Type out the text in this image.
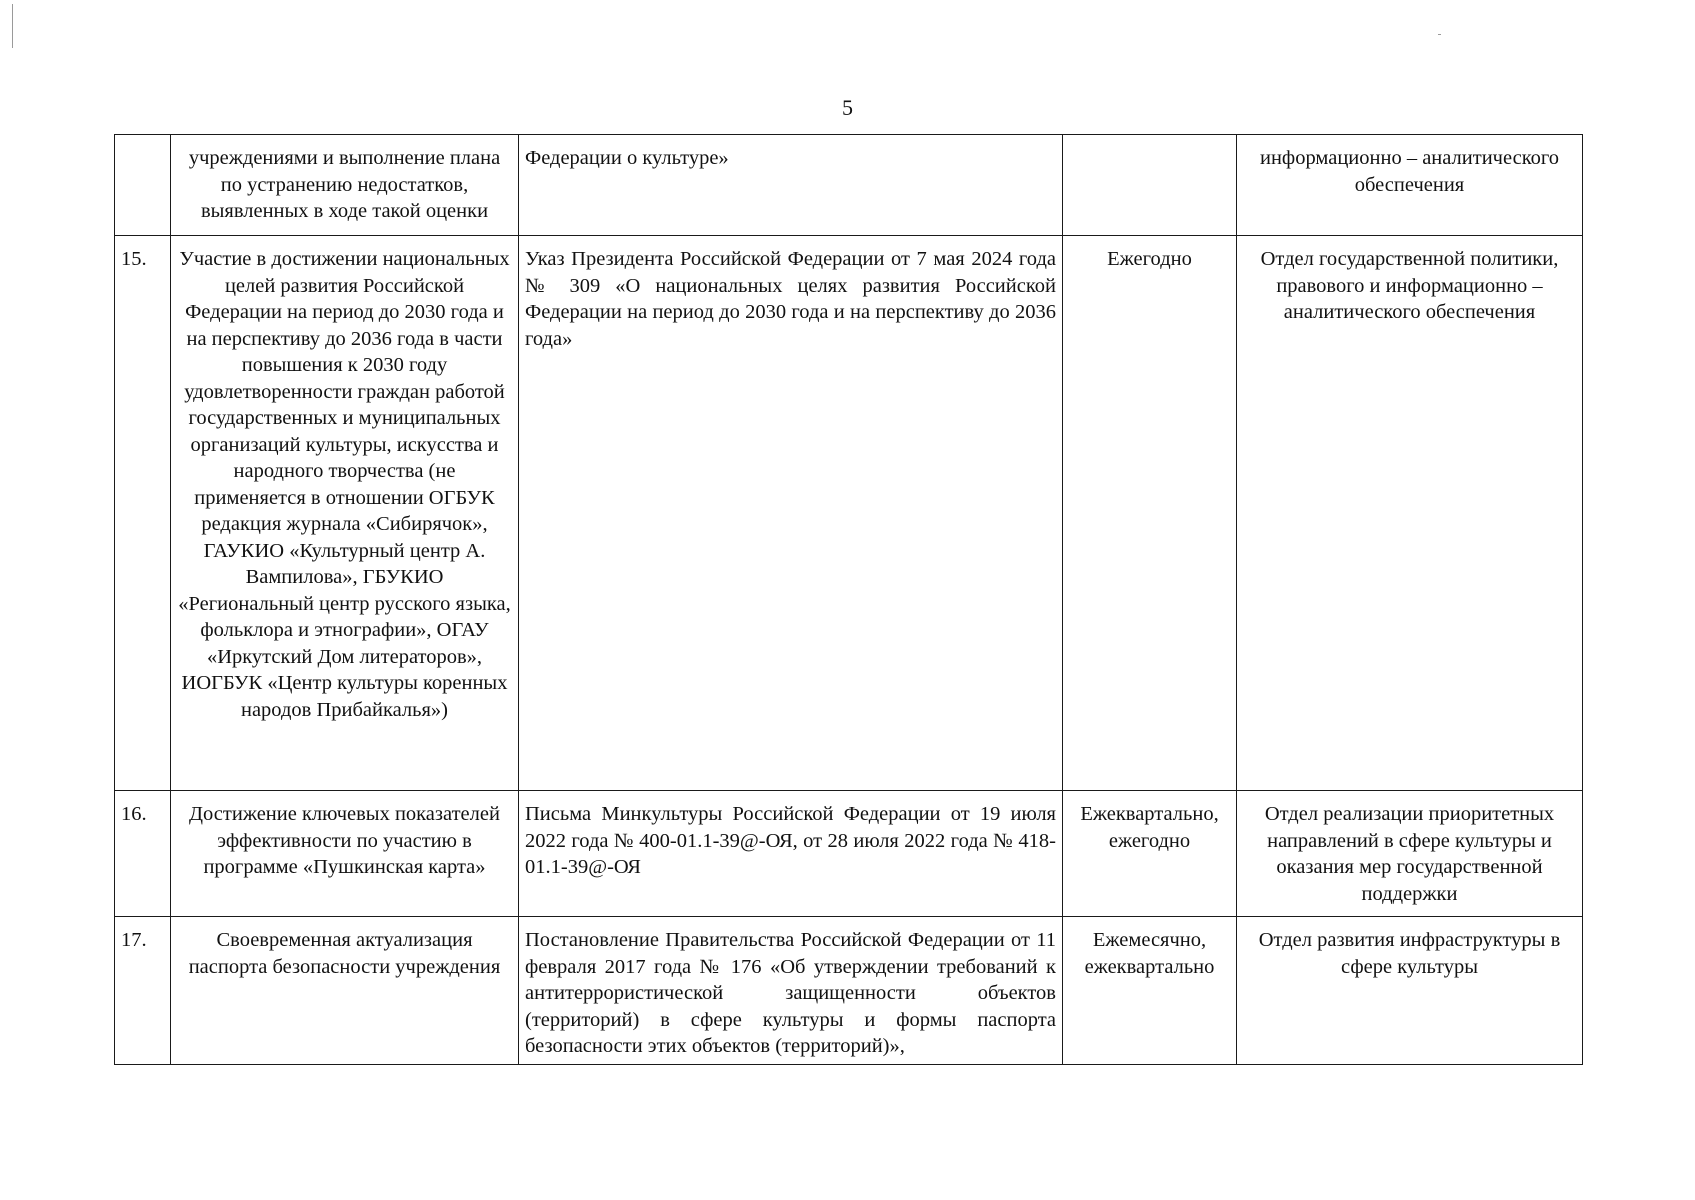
5
	учреждениями и выполнение плана по устранению недостатков, выявленных в ходе такой оценки	Федерации о культуре»		информационно – аналитического обеспечения
15.	Участие в достижении национальных целей развития Российской Федерации на период до 2030 года и на перспективу до 2036 года в части повышения к 2030 году удовлетворенности граждан работой государственных и муниципальных организаций культуры, искусства и народного творчества (не применяется в отношении ОГБУК редакция журнала «Сибирячок», ГАУКИО «Культурный центр А. Вампилова», ГБУКИО «Региональный центр русского языка, фольклора и этнографии», ОГАУ «Иркутский Дом литераторов», ИОГБУК «Центр культуры коренных народов Прибайкалья»)	Указ Президента Российской Федерации от 7 мая 2024 года № 309 «О национальных целях развития Российской Федерации на период до 2030 года и на перспективу до 2036 года»	Ежегодно	Отдел государственной политики, правового и информационно – аналитического обеспечения
16.	Достижение ключевых показателей эффективности по участию в программе «Пушкинская карта»	Письма Минкультуры Российской Федерации от 19 июля 2022 года № 400-01.1-39@-ОЯ, от 28 июля 2022 года № 418-01.1-39@-ОЯ	Ежеквартально, ежегодно	Отдел реализации приоритетных направлений в сфере культуры и оказания мер государственной поддержки
17.	Своевременная актуализация паспорта безопасности учреждения	Постановление Правительства Российской Федерации от 11 февраля 2017 года № 176 «Об утверждении требований к антитеррористической защищенности объектов (территорий) в сфере культуры и формы паспорта безопасности этих объектов (территорий)»,	Ежемесячно, ежеквартально	Отдел развития инфраструктуры в сфере культуры
